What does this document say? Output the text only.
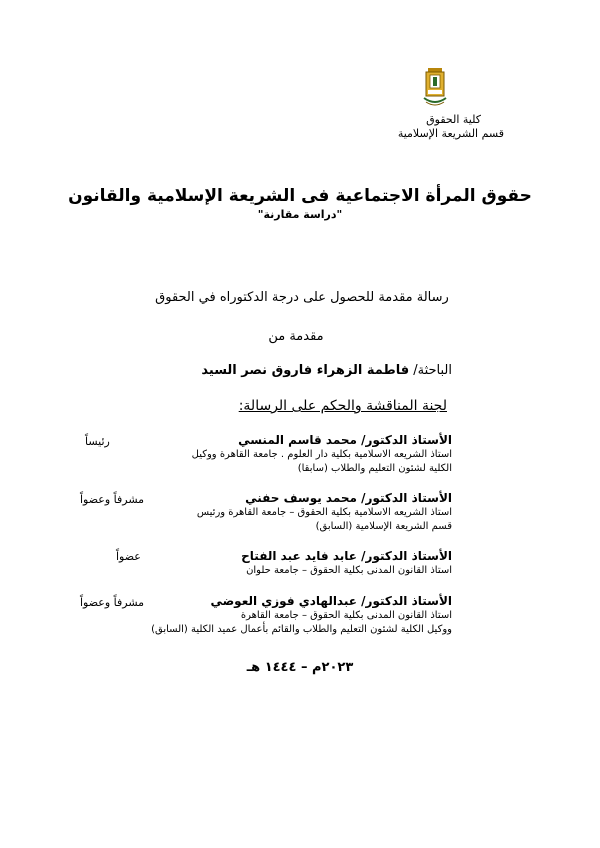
كلية الحقوق
قسم الشريعة الإسلامية
حقوق المرأة الاجتماعية فى الشريعة الإسلامية والقانون
"دراسة مقارنة"
رسالة مقدمة للحصول على درجة الدكتوراه في الحقوق
مقدمة من
الباحثة/ فاطمة الزهراء فاروق نصر السيد
لجنة المناقشة والحكم على الرسالة:
الأستاذ الدكتور/ محمد قاسم المنسي
استاذ الشريعه الاسلامية بكلية دار العلوم . جامعة القاهرة ووكيل
الكلية لشئون التعليم والطلاب (سابقا)
رئيساً
الأستاذ الدكتور/ محمد يوسف حفني
استاذ الشريعه الاسلامية بكلية الحقوق – جامعة القاهرة ورئيس
قسم الشريعة الإسلامية (السابق)
مشرفاً وعضواً
الأستاذ الدكتور/ عابد فايد عبد الفتاح
استاذ القانون المدنى بكلية الحقوق – جامعة حلوان
عضواً
الأستاذ الدكتور/ عبدالهادي فوزي العوضي
استاذ القانون المدنى بكلية الحقوق – جامعة القاهرة
ووكيل الكلية لشئون التعليم والطلاب والقائم بأعمال عميد الكلية (السابق)
مشرفاً وعضواً
٢٠٢٣م – ١٤٤٤ هـ
